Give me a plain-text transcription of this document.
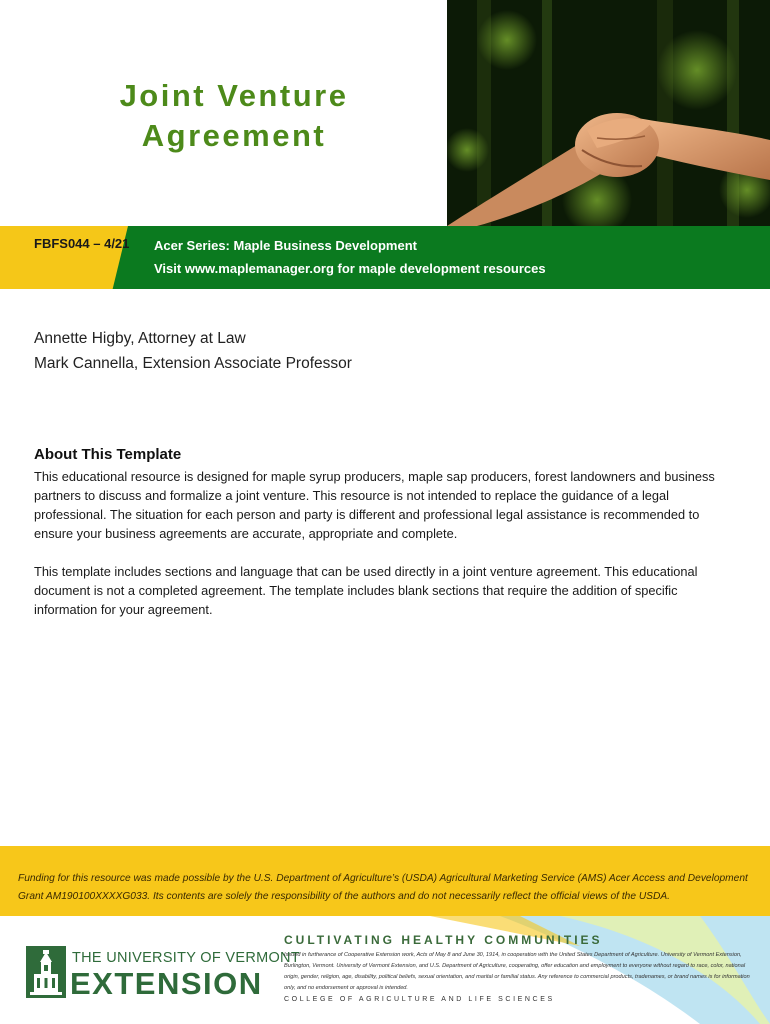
Joint Venture
Agreement
FBFS044 – 4/21 Acer Series: Maple Business Development
Visit www.maplemanager.org for maple development resources
Annette Higby, Attorney at Law
Mark Cannella, Extension Associate Professor
About This Template

This educational resource is designed for maple syrup producers, maple sap producers, forest landowners and business partners to discuss and formalize a joint venture. This resource is not intended to replace the guidance of a legal professional. The situation for each person and party is different and professional legal assistance is recommended to ensure your business agreements are accurate, appropriate and complete.

This template includes sections and language that can be used directly in a joint venture agreement. This educational document is not a completed agreement. The template includes blank sections that require the addition of specific information for your agreement.

Funding for this resource was made possible by the U.S. Department of Agriculture’s (USDA) Agricultural Marketing Service (AMS) Acer Access and Development Grant AM190100XXXXG033. Its contents are solely the responsibility of the authors and do not necessarily reflect the official views of the USDA.

THE UNIVERSITY OF VERMONT
EXTENSION
CULTIVATING HEALTHY COMMUNITIES

Issued in furtherance of Cooperative Extension work, Acts of May 8 and June 30, 1914, in cooperation with the United States Department of Agriculture. University of Vermont Extension, Burlington, Vermont. University of Vermont Extension, and U.S. Department of Agriculture, cooperating, offer education and employment to everyone without regard to race, color, national origin, gender, religion, age, disability, political beliefs, sexual orientation, and marital or familial status. Any reference to commercial products, tradenames, or brand names is for information only, and no endorsement or approval is intended.

COLLEGE OF AGRICULTURE AND LIFE SCIENCES
